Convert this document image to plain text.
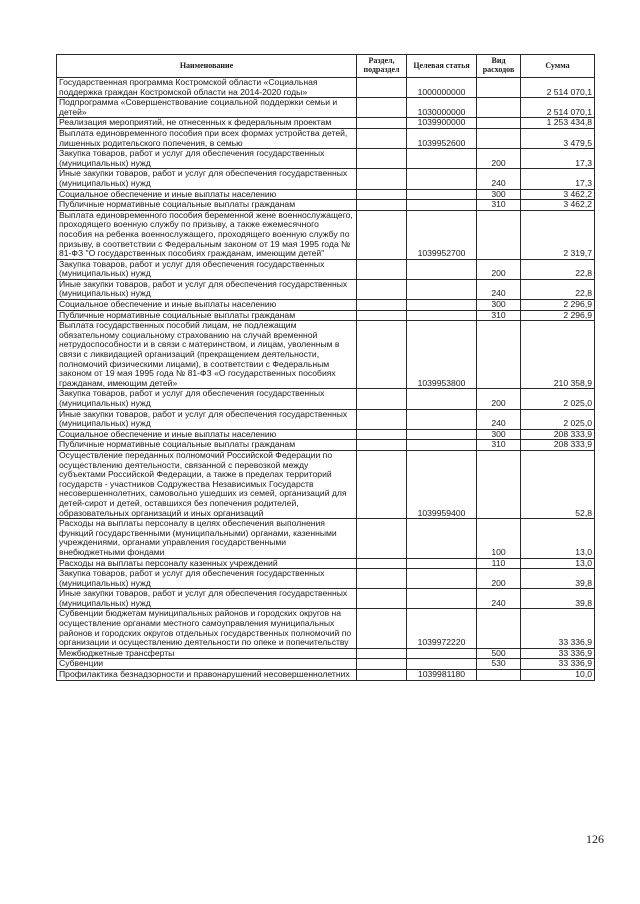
Наименование	Раздел, подраздел	Целевая статья	Вид расходов	Сумма
Государственная программа Костромской области «Социальная поддержка граждан Костромской области на 2014-2020 годы»		1000000000		2 514 070,1
Подпрограмма «Совершенствование социальной поддержки семьи и детей»		1030000000		2 514 070,1
Реализация мероприятий, не отнесенных к федеральным проектам		1039900000		1 253 434,8
Выплата единовременного пособия при всех формах устройства детей, лишенных родительского попечения, в семью		1039952600		3 479,5
Закупка товаров, работ и услуг для обеспечения государственных (муниципальных) нужд			200	17,3
Иные закупки товаров, работ и услуг для обеспечения государственных (муниципальных) нужд			240	17,3
Социальное обеспечение и иные выплаты населению			300	3 462,2
Публичные нормативные социальные выплаты гражданам			310	3 462,2
Выплата единовременного пособия беременной жене военнослужащего, проходящего военную службу по призыву, а также ежемесячного пособия на ребенка военнослужащего, проходящего военную службу по призыву, в соответствии с Федеральным законом от 19 мая 1995 года № 81-ФЗ "О государственных пособиях гражданам, имеющим детей"		1039952700		2 319,7
Закупка товаров, работ и услуг для обеспечения государственных (муниципальных) нужд			200	22,8
Иные закупки товаров, работ и услуг для обеспечения государственных (муниципальных) нужд			240	22,8
Социальное обеспечение и иные выплаты населению			300	2 296,9
Публичные нормативные социальные выплаты гражданам			310	2 296,9
Выплата государственных пособий лицам, не подлежащим обязательному социальному страхованию на случай временной нетрудоспособности и в связи с материнством, и лицам, уволенным в связи с ликвидацией организаций (прекращением деятельности, полномочий физическими лицами), в соответствии с Федеральным законом от 19 мая 1995 года № 81-ФЗ «О государственных пособиях гражданам, имеющим детей»		1039953800		210 358,9
Закупка товаров, работ и услуг для обеспечения государственных (муниципальных) нужд			200	2 025,0
Иные закупки товаров, работ и услуг для обеспечения государственных (муниципальных) нужд			240	2 025,0
Социальное обеспечение и иные выплаты населению			300	208 333,9
Публичные нормативные социальные выплаты гражданам			310	208 333,9
Осуществление переданных полномочий Российской Федерации по осуществлению деятельности, связанной с перевозкой между субъектами Российской Федерации, а также в пределах территорий государств - участников Содружества Независимых Государств несовершеннолетних, самовольно ушедших из семей, организаций для детей-сирот и детей, оставшихся без попечения родителей, образовательных организаций и иных организаций		1039959400		52,8
Расходы на выплаты персоналу в целях обеспечения выполнения функций государственными (муниципальными) органами, казенными учреждениями, органами управления государственными внебюджетными фондами			100	13,0
Расходы на выплаты персоналу казенных учреждений			110	13,0
Закупка товаров, работ и услуг для обеспечения государственных (муниципальных) нужд			200	39,8
Иные закупки товаров, работ и услуг для обеспечения государственных (муниципальных) нужд			240	39,8
Субвенции бюджетам муниципальных районов и городских округов на осуществление органами местного самоуправления муниципальных районов и городских округов отдельных государственных полномочий по организации и осуществлению деятельности по опеке и попечительству		1039972220		33 336,9
Межбюджетные трансферты			500	33 336,9
Субвенции			530	33 336,9
Профилактика безнадзорности и правонарушений несовершеннолетних		1039981180		10,0
126
